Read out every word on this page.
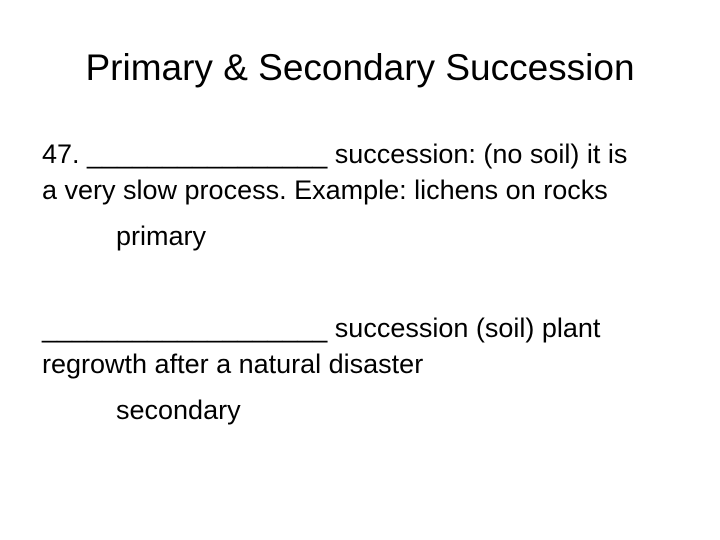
Primary & Secondary Succession
47. ________________ succession: (no soil) it is
a very slow process. Example: lichens on rocks
primary
___________________ succession (soil) plant
regrowth after a natural disaster
secondary
